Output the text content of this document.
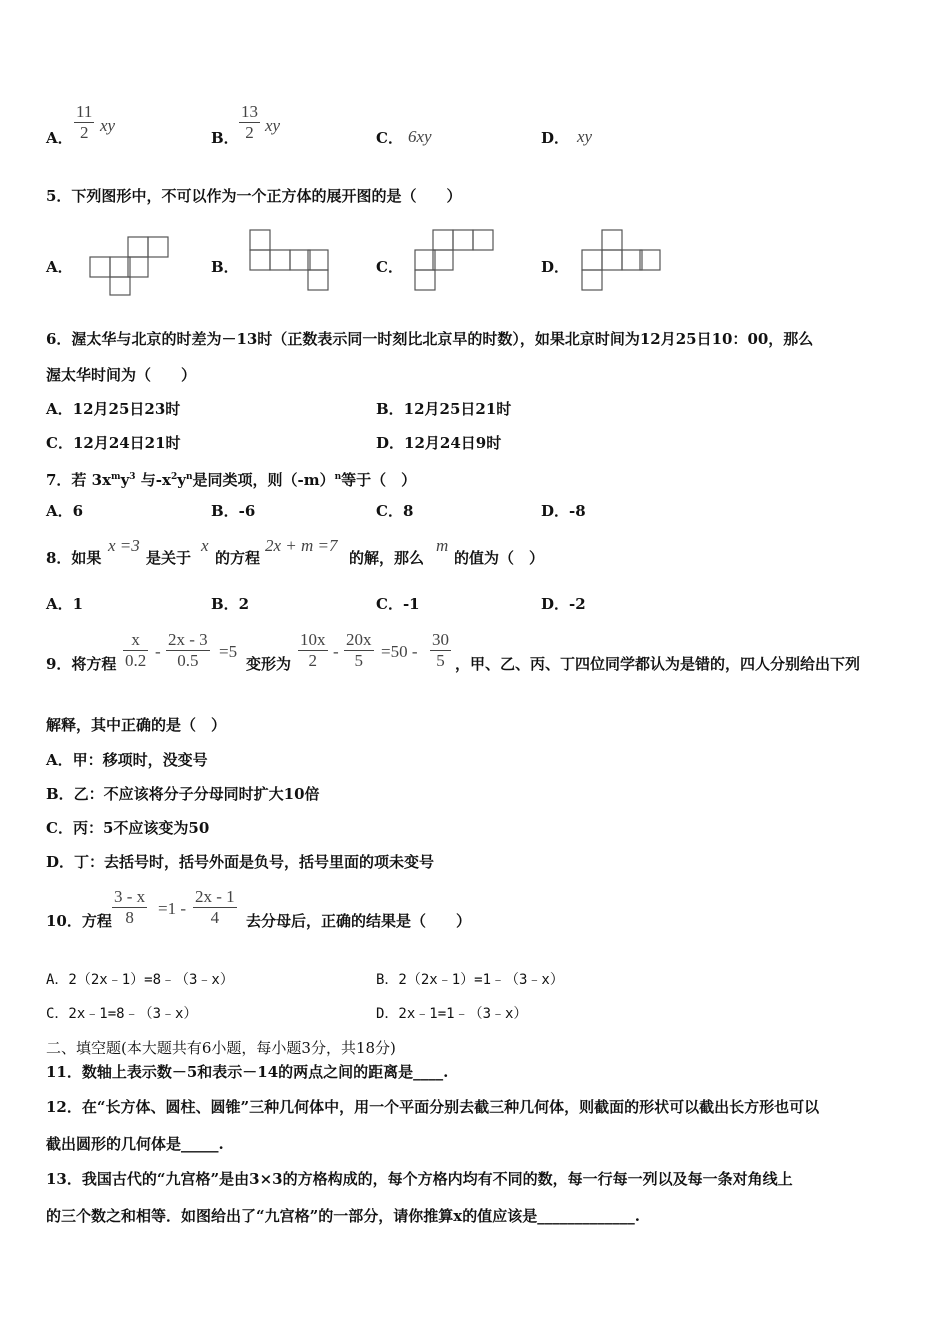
A． $\frac{11}{2}$ xy
B． $\frac{13}{2}$ xy
C． 6xy	D． xy
5．下列图形中，不可以作为一个正方体的展开图的是（　　）
A．	B．	C．	D．
6．渥太华与北京的时差为－13时（正数表示同一时刻比北京早的时数），如果北京时间为12月25日10：00，那么
渥太华时间为（　　）
A．12月25日23时	B．12月25日21时
C．12月24日21时	D．12月24日9时
7．若 $3x^my^3$ 与$-x^2y^n$是同类项，则$(-m)^n$等于（　）
A．6	B．-6	C．8	D．-8
8．如果
x =3
是关于
x
的方程
2x + m =7
的解，那么
m
的值为（　）
A．1	B．2	C．-1	D．-2
9．将方程 $\frac{x}{0.2} - \frac{2x - 3}{0.5} =5$
变形为 $\frac{10x}{2} - \frac{20x}{5} =50 - \frac{30}{5}$ ，甲、乙、丙、丁四位同学都认为是错的，四人分别给出下列
解释，其中正确的是（　）
A．甲：移项时，没变号
B．乙：不应该将分子分母同时扩大10倍
C．丙：5不应该变为50
D．丁：去括号时，括号外面是负号，括号里面的项未变号
10．方程 $\frac{3 - x}{8} =1 - \frac{2x - 1}{4}$ 去分母后，正确的结果是（　　）
A．2（2x﹣1）=8﹣（3﹣x）	B．2（2x﹣1）=1﹣（3﹣x）
C．2x﹣1=8﹣（3﹣x）	D．2x﹣1=1﹣（3﹣x）
二、填空题(本大题共有6小题，每小题3分，共18分)
11．数轴上表示数－5和表示－14的两点之间的距离是____.
12．在“长方体、圆柱、圆锥”三种几何体中，用一个平面分别去截三种几何体，则截面的形状可以截出长方形也可以
截出圆形的几何体是_____.
13．我国古代的“九宫格”是由3×3的方格构成的，每个方格内均有不同的数，每一行每一列以及每一条对角线上
的三个数之和相等．如图给出了“九宫格”的一部分，请你推算x的值应该是_____________.
